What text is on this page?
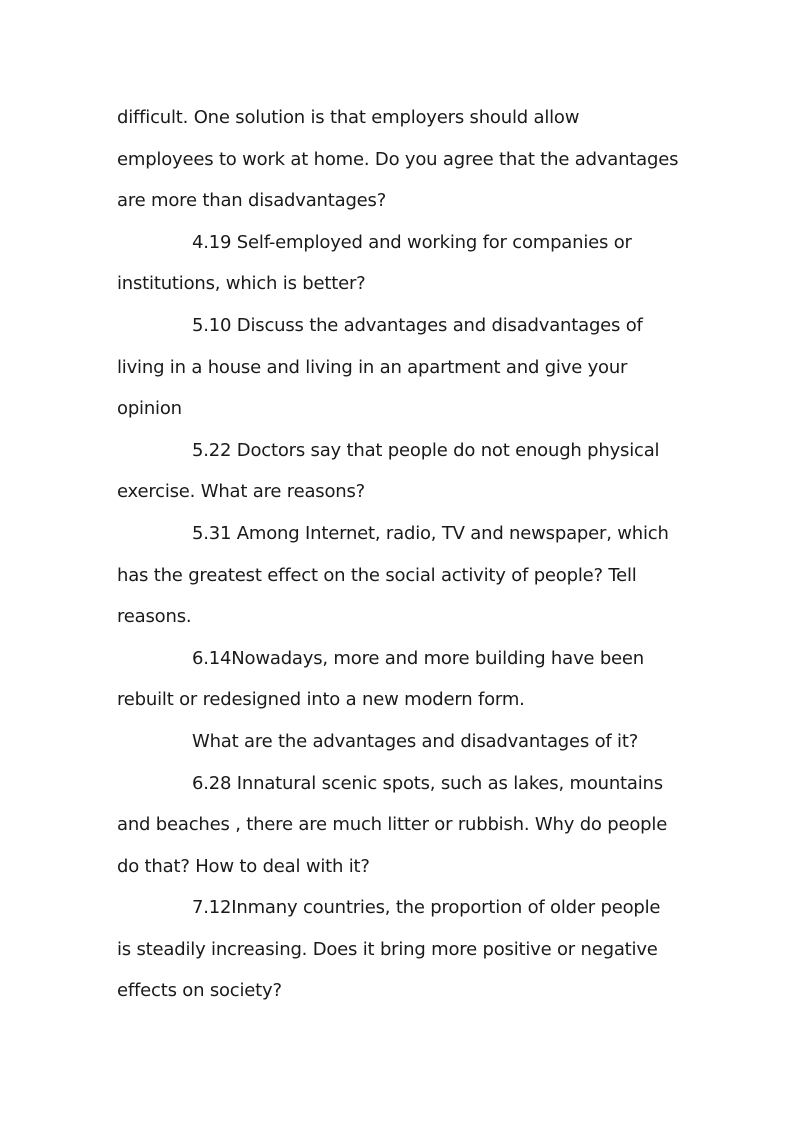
difficult. One solution is that employers should allow
employees to work at home. Do you agree that the advantages
are more than disadvantages?
4.19 Self-employed and working for companies or
institutions, which is better?
5.10 Discuss the advantages and disadvantages of
living in a house and living in an apartment and give your
opinion
5.22 Doctors say that people do not enough physical
exercise. What are reasons?
5.31 Among Internet, radio, TV and newspaper, which
has the greatest effect on the social activity of people? Tell
reasons.
6.14Nowadays, more and more building have been
rebuilt or redesigned into a new modern form.
What are the advantages and disadvantages of it?
6.28 Innatural scenic spots, such as lakes, mountains
and beaches , there are much litter or rubbish. Why do people
do that? How to deal with it?
7.12Inmany countries, the proportion of older people
is steadily increasing. Does it bring more positive or negative
effects on society?
